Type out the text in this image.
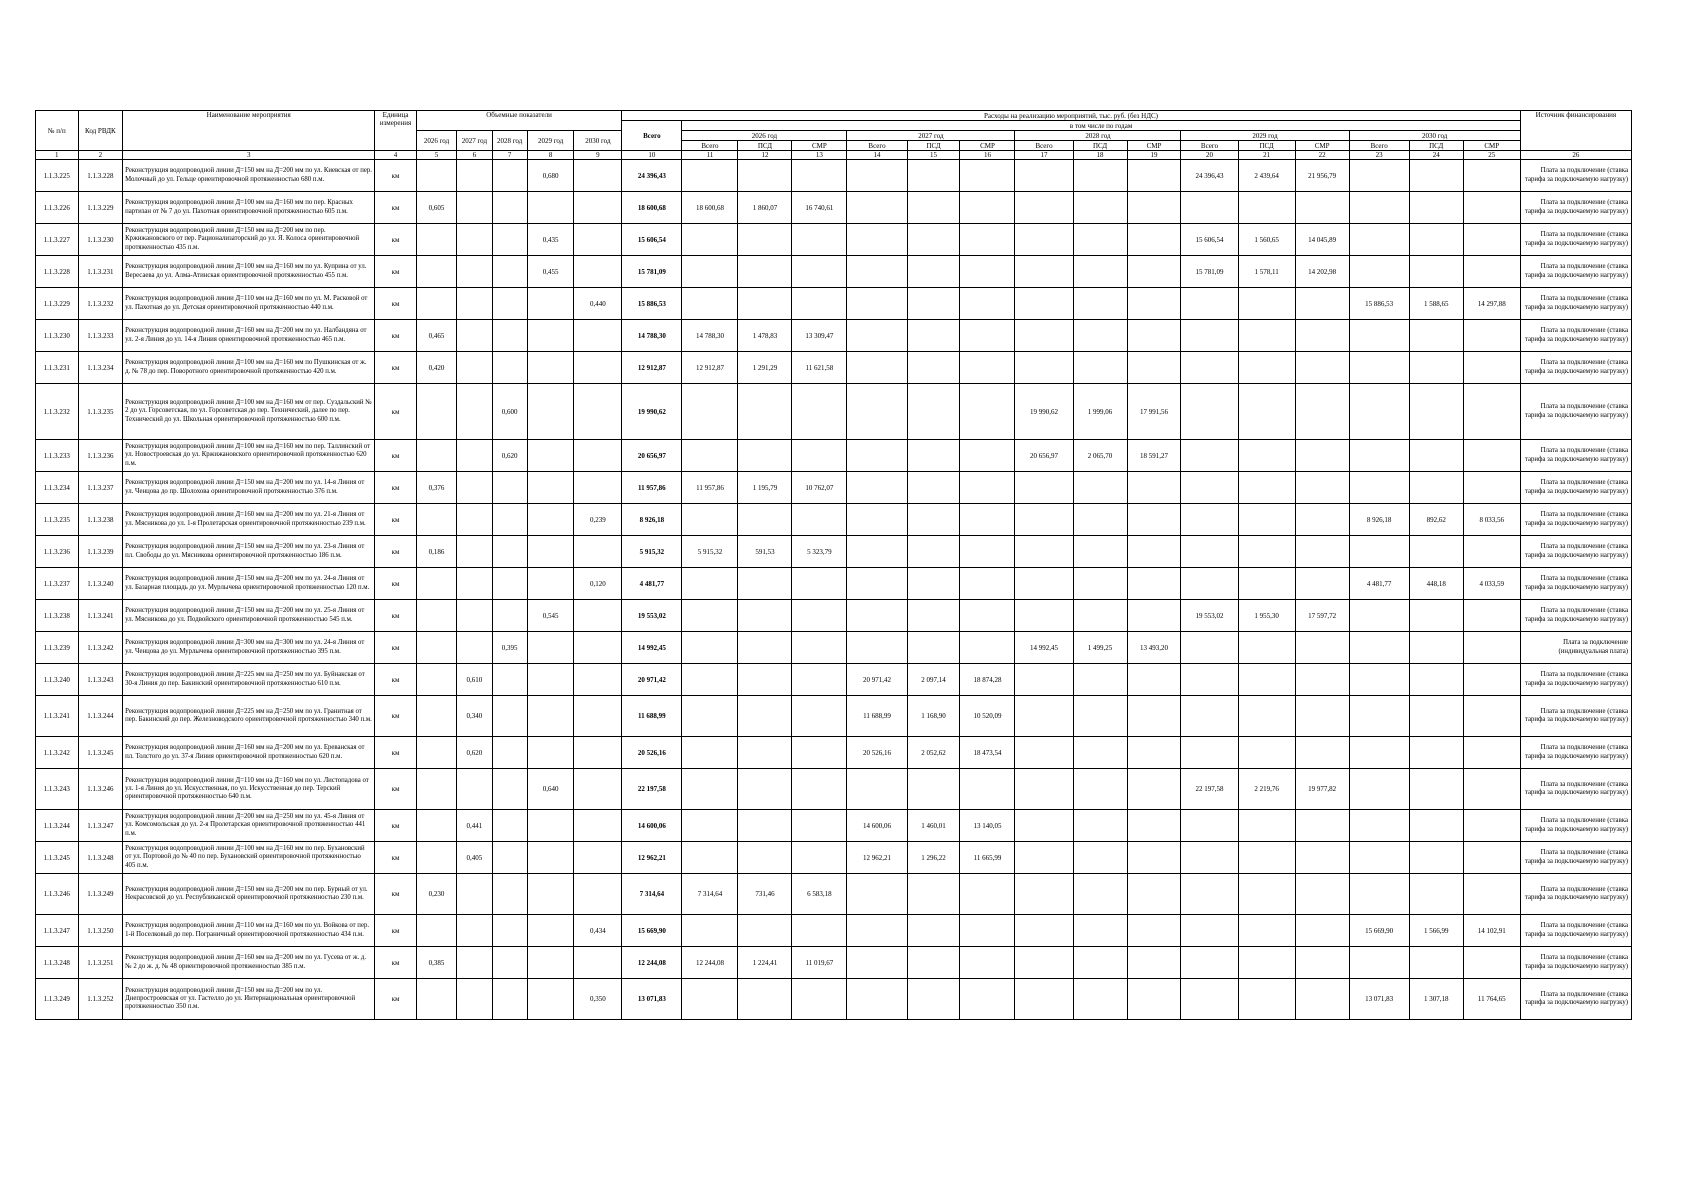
№ п/п	Код РВДК	Наименование мероприятия	Единица измерения	Объемные показатели					Расходы на реализацию мероприятий, тыс. руб. (без НДС)																Источник финансирования
									Всего	в том числе по годам															
				2026 год	2027 год	2028 год	2029 год	2030 год		2026 год			2027 год			2028 год			2029 год			2030 год			
										Всего	ПСД	СМР	Всего	ПСД	СМР	Всего	ПСД	СМР	Всего	ПСД	СМР	Всего	ПСД	СМР	
1	2	3	4	5	6	7	8	9	10	11	12	13	14	15	16	17	18	19	20	21	22	23	24	25	26
1.1.3.225	1.1.3.228	Реконструкция водопроводной линии Д=150 мм на Д=200 мм по ул. Киевская от пер. Молочный до ул. Гельце ориентировочной протяженностью 680 п.м.	км				0,680		24 396,43										24 396,43	2 439,64	21 956,79				Плата за подключение (ставка тарифа за подключаемую нагрузку)
1.1.3.226	1.1.3.229	Реконструкция водопроводной линии Д=100 мм на Д=160 мм по пер. Красных партизан от № 7 до ул. Пахотная ориентировочной протяженностью 605 п.м.	км	0,605					18 600,68	18 600,68	1 860,07	16 740,61													Плата за подключение (ставка тарифа за подключаемую нагрузку)
1.1.3.227	1.1.3.230	Реконструкция водопроводной линии Д=150 мм на Д=200 мм по пер. Кржижановского от пер. Рационализаторский до ул. Я. Колоса ориентировочной протяженностью 435 п.м.	км				0,435		15 606,54										15 606,54	1 560,65	14 045,89				Плата за подключение (ставка тарифа за подключаемую нагрузку)
1.1.3.228	1.1.3.231	Реконструкция водопроводной линии Д=100 мм на Д=160 мм по ул. Куприна от ул. Вересаева до ул. Алма-Атинская ориентировочной протяженностью 455 п.м.	км				0,455		15 781,09										15 781,09	1 578,11	14 202,98				Плата за подключение (ставка тарифа за подключаемую нагрузку)
1.1.3.229	1.1.3.232	Реконструкция водопроводной линии Д=110 мм на Д=160 мм по ул. М. Расковой от ул. Пахотная до ул. Детская ориентировочной протяженностью 440 п.м.	км					0,440	15 886,53													15 886,53	1 588,65	14 297,88	Плата за подключение (ставка тарифа за подключаемую нагрузку)
1.1.3.230	1.1.3.233	Реконструкция водопроводной линии Д=160 мм на Д=200 мм по ул. Налбандяна от ул. 2-я Линия до ул. 14-я Линия ориентировочной протяженностью 465 п.м.	км	0,465					14 788,30	14 788,30	1 478,83	13 309,47													Плата за подключение (ставка тарифа за подключаемую нагрузку)
1.1.3.231	1.1.3.234	Реконструкция водопроводной линии Д=100 мм на Д=160 мм по Пушкинская от ж. д. № 78 до пер. Поворотного ориентировочной протяженностью 420 п.м.	км	0,420					12 912,87	12 912,87	1 291,29	11 621,58													Плата за подключение (ставка тарифа за подключаемую нагрузку)
1.1.3.232	1.1.3.235	Реконструкция водопроводной линии Д=100 мм на Д=160 мм от пер. Суздальский № 2 до ул. Горсоветская, по ул. Горсоветская до пер. Технический, далее по пер. Технический до ул. Школьная ориентировочной протяженностью 600 п.м.	км			0,600			19 990,62							19 990,62	1 999,06	17 991,56							Плата за подключение (ставка тарифа за подключаемую нагрузку)
1.1.3.233	1.1.3.236	Реконструкция водопроводной линии Д=100 мм на Д=160 мм по пер. Таллинский от ул. Новостроевская до ул. Кржижановского ориентировочной протяженностью 620 п.м.	км			0,620			20 656,97							20 656,97	2 065,70	18 591,27							Плата за подключение (ставка тарифа за подключаемую нагрузку)
1.1.3.234	1.1.3.237	Реконструкция водопроводной линии Д=150 мм на Д=200 мм по ул. 14-я Линия от ул. Ченцова до пр. Шолохова ориентировочной протяженностью 376 п.м.	км	0,376					11 957,86	11 957,86	1 195,79	10 762,07													Плата за подключение (ставка тарифа за подключаемую нагрузку)
1.1.3.235	1.1.3.238	Реконструкция водопроводной линии Д=160 мм на Д=200 мм по ул. 21-я Линия от ул. Мясникова до ул. 1-я Пролетарская ориентировочной протяженностью 239 п.м.	км					0,239	8 926,18													8 926,18	892,62	8 033,56	Плата за подключение (ставка тарифа за подключаемую нагрузку)
1.1.3.236	1.1.3.239	Реконструкция водопроводной линии Д=150 мм на Д=200 мм по ул. 23-я Линия от пл. Свободы до ул. Мясникова ориентировочной протяженностью 186 п.м.	км	0,186					5 915,32	5 915,32	591,53	5 323,79													Плата за подключение (ставка тарифа за подключаемую нагрузку)
1.1.3.237	1.1.3.240	Реконструкция водопроводной линии Д=150 мм на Д=200 мм по ул. 24-я Линия от ул. Базарная площадь до ул. Мурлычева ориентировочной протяженностью 120 п.м.	км					0,120	4 481,77													4 481,77	448,18	4 033,59	Плата за подключение (ставка тарифа за подключаемую нагрузку)
1.1.3.238	1.1.3.241	Реконструкция водопроводной линии Д=150 мм на Д=200 мм по ул. 25-я Линия от ул. Мясникова до ул. Подвойского ориентировочной протяженностью 545 п.м.	км				0,545		19 553,02										19 553,02	1 955,30	17 597,72				Плата за подключение (ставка тарифа за подключаемую нагрузку)
1.1.3.239	1.1.3.242	Реконструкция водопроводной линии Д=300 мм на Д=300 мм по ул. 24-я Линия от ул. Ченцова до ул. Мурлычева ориентировочной протяженностью 395 п.м.	км			0,395			14 992,45							14 992,45	1 499,25	13 493,20							Плата за подключение (индивидуальная плата)
1.1.3.240	1.1.3.243	Реконструкция водопроводной линии Д=225 мм на Д=250 мм по ул. Буйнакская от 30-я Линия до пер. Бакинский ориентировочной протяженностью 610 п.м.	км		0,610				20 971,42				20 971,42	2 097,14	18 874,28										Плата за подключение (ставка тарифа за подключаемую нагрузку)
1.1.3.241	1.1.3.244	Реконструкция водопроводной линии Д=225 мм на Д=250 мм по ул. Гранитная от пер. Бакинский до пер. Железноводского ориентировочной протяженностью 340 п.м.	км		0,340				11 688,99				11 688,99	1 168,90	10 520,09										Плата за подключение (ставка тарифа за подключаемую нагрузку)
1.1.3.242	1.1.3.245	Реконструкция водопроводной линии Д=160 мм на Д=200 мм по ул. Ереванская от пл. Толстого до ул. 37-я Линия ориентировочной протяженностью 620 п.м.	км		0,620				20 526,16				20 526,16	2 052,62	18 473,54										Плата за подключение (ставка тарифа за подключаемую нагрузку)
1.1.3.243	1.1.3.246	Реконструкция водопроводной линии Д=110 мм на Д=160 мм по ул. Листопадова от ул. 1-я Линия до ул. Искусственная, по ул. Искусственная до пер. Терский ориентировочной протяженностью 640 п.м.	км				0,640		22 197,58										22 197,58	2 219,76	19 977,82				Плата за подключение (ставка тарифа за подключаемую нагрузку)
1.1.3.244	1.1.3.247	Реконструкция водопроводной линии Д=200 мм на Д=250 мм по ул. 45-я Линия от ул. Комсомольская до ул. 2-я Пролетарская ориентировочной протяженностью 441 п.м.	км		0,441				14 600,06				14 600,06	1 460,01	13 140,05										Плата за подключение (ставка тарифа за подключаемую нагрузку)
1.1.3.245	1.1.3.248	Реконструкция водопроводной линии Д=100 мм на Д=160 мм по пер. Бухановский от ул. Портовой до № 40 по пер. Бухановский ориентировочной протяженностью 405 п.м.	км		0,405				12 962,21				12 962,21	1 296,22	11 665,99										Плата за подключение (ставка тарифа за подключаемую нагрузку)
1.1.3.246	1.1.3.249	Реконструкция водопроводной линии Д=150 мм на Д=200 мм по пер. Бурный от ул. Некрасовской до ул. Республиканской ориентировочной протяженностью 230 п.м.	км	0,230					7 314,64	7 314,64	731,46	6 583,18													Плата за подключение (ставка тарифа за подключаемую нагрузку)
1.1.3.247	1.1.3.250	Реконструкция водопроводной линии Д=110 мм на Д=160 мм по ул. Войкова от пер. 1-й Поселковый до пер. Пограничный ориентировочной протяженностью 434 п.м.	км					0,434	15 669,90													15 669,90	1 566,99	14 102,91	Плата за подключение (ставка тарифа за подключаемую нагрузку)
1.1.3.248	1.1.3.251	Реконструкция водопроводной линии Д=160 мм на Д=200 мм по ул. Гусева от ж. д. № 2 до ж. д. № 48 ориентировочной протяженностью 385 п.м.	км	0,385					12 244,08	12 244,08	1 224,41	11 019,67													Плата за подключение (ставка тарифа за подключаемую нагрузку)
1.1.3.249	1.1.3.252	Реконструкция водопроводной линии Д=150 мм на Д=200 мм по ул. Днепростроевская от ул. Гастелло до ул. Интернациональная ориентировочной протяженностью 350 п.м.	км					0,350	13 071,83													13 071,83	1 307,18	11 764,65	Плата за подключение (ставка тарифа за подключаемую нагрузку)
